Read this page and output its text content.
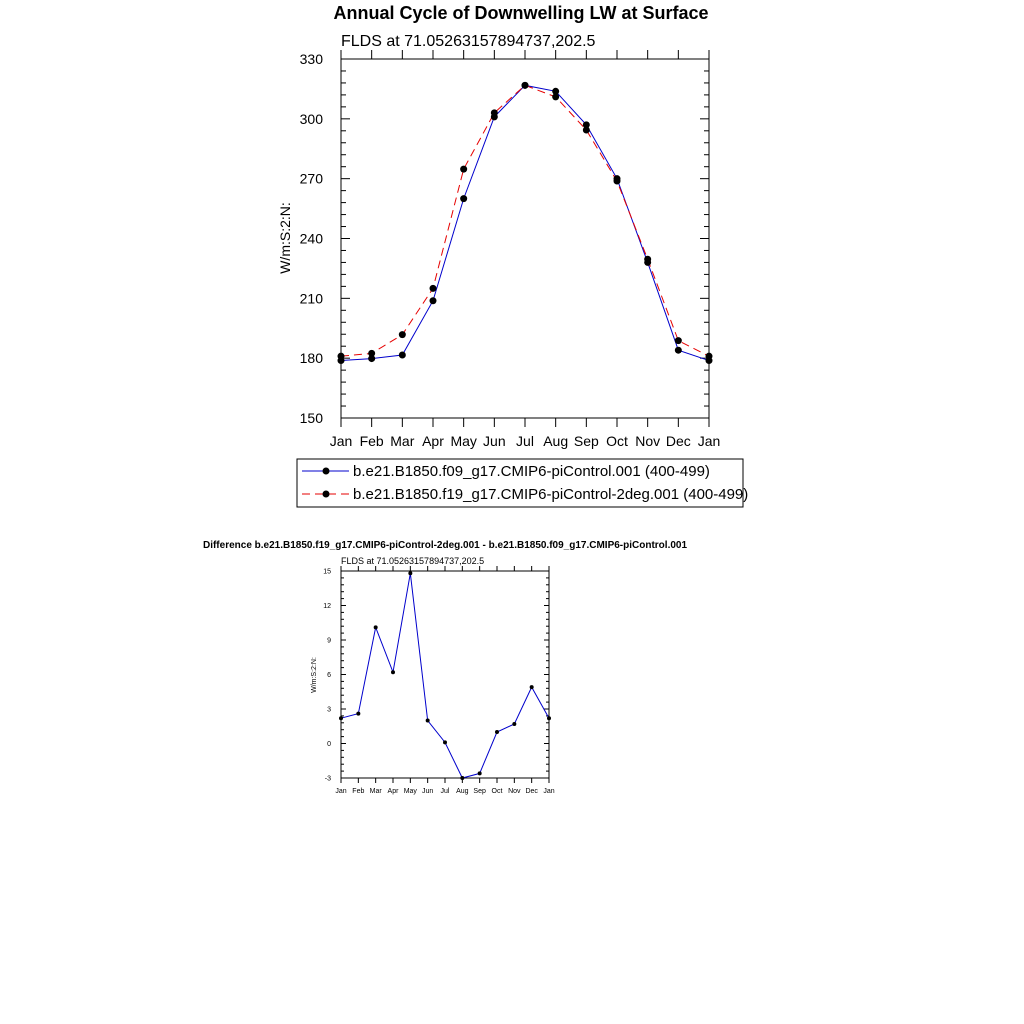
Annual Cycle of Downwelling LW at Surface
FLDS at 71.05263157894737,202.5
W/m:S:2:N:
150
180
210
240
270
300
330
Jan Feb Mar Apr May Jun Jul Aug Sep Oct Nov Dec Jan
b.e21.B1850.f09_g17.CMIP6-piControl.001 (400-499)
b.e21.B1850.f19_g17.CMIP6-piControl-2deg.001 (400-499)
Difference b.e21.B1850.f19_g17.CMIP6-piControl-2deg.001 - b.e21.B1850.f09_g17.CMIP6-piControl.001
FLDS at 71.05263157894737,202.5
W/m:S:2:N:
-3
0
3
6
9
12
15
Jan Feb Mar Apr May Jun Jul Aug Sep Oct Nov Dec Jan
